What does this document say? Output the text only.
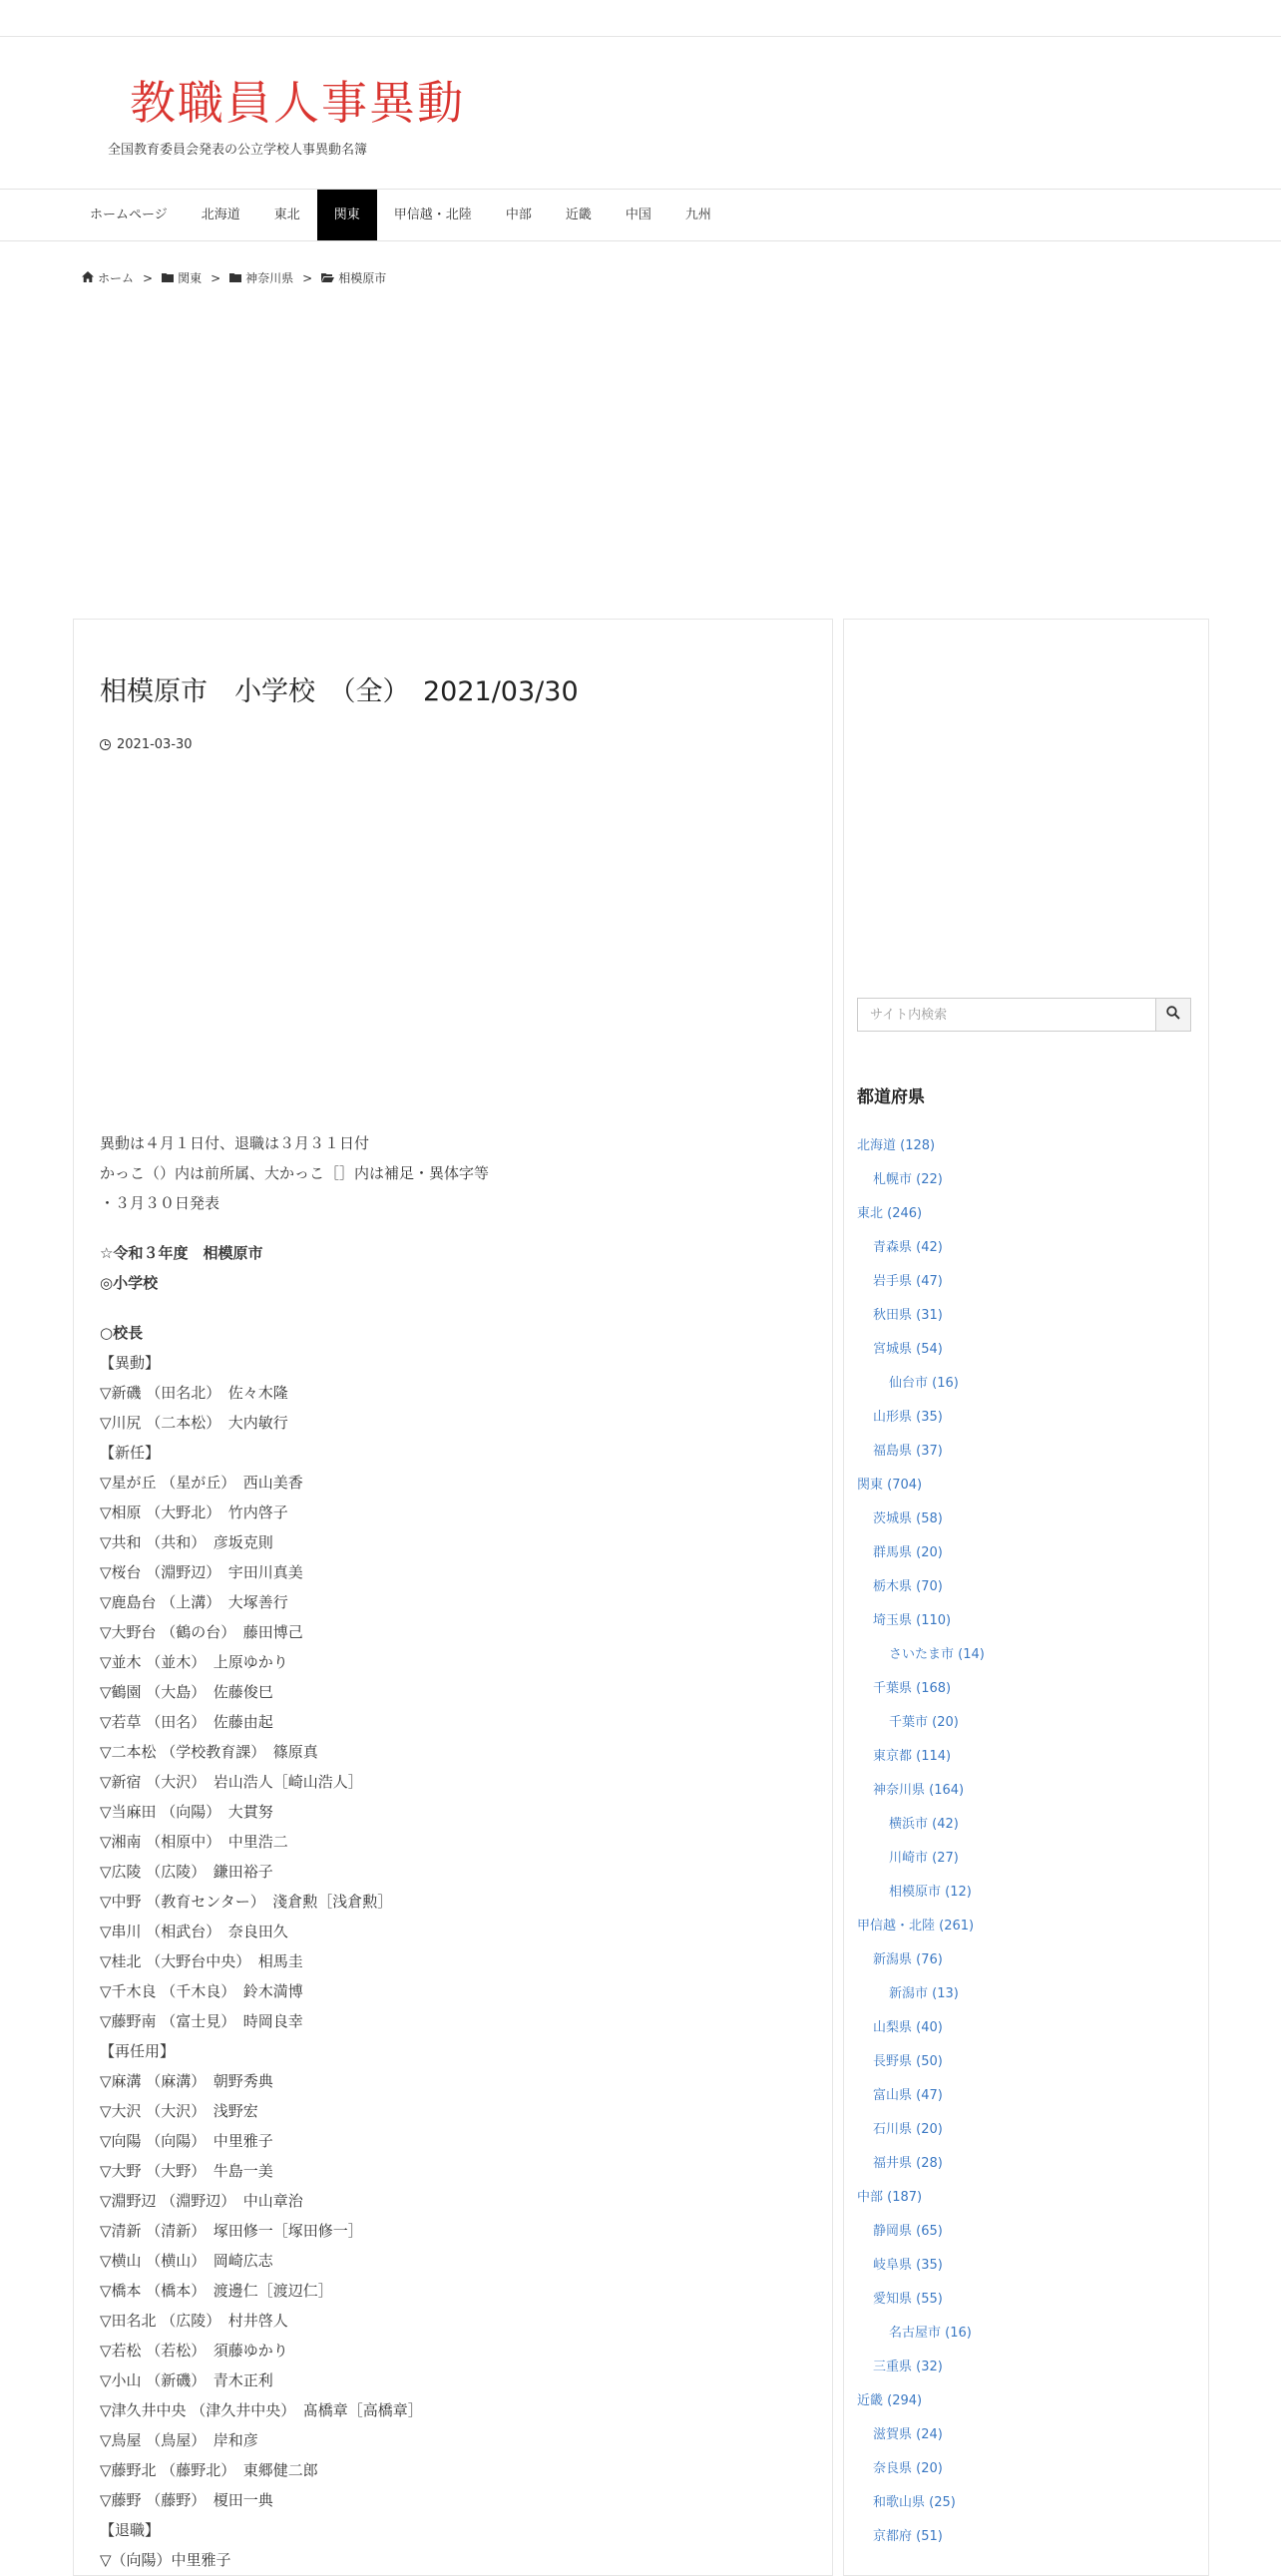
教職員人事異動
全国教育委員会発表の公立学校人事異動名簿
ホームページ	北海道	東北	関東	甲信越・北陸	中部	近畿	中国	九州
ホーム > 関東 > 神奈川県 > 相模原市
相模原市　小学校　（全）　2021/03/30
2021-03-30
異動は４月１日付、退職は３月３１日付
かっこ（）内は前所属、大かっこ［］内は補足・異体字等
・３月３０日発表
☆令和３年度　相模原市
◎小学校
○校長
【異動】
▽新磯 （田名北）　佐々木隆
▽川尻 （二本松）　大内敏行
【新任】
▽星が丘 （星が丘）　西山美香
▽相原 （大野北）　竹内啓子
▽共和 （共和）　彦坂克則
▽桜台 （淵野辺）　宇田川真美
▽鹿島台 （上溝）　大塚善行
▽大野台 （鶴の台）　藤田博己
▽並木 （並木）　上原ゆかり
▽鶴園 （大島）　佐藤俊巳
▽若草 （田名）　佐藤由起
▽二本松 （学校教育課）　篠原真
▽新宿 （大沢）　岩山浩人［崎山浩人］
▽当麻田 （向陽）　大貫努
▽湘南 （相原中）　中里浩二
▽広陵 （広陵）　鎌田裕子
▽中野 （教育センター）　淺倉勲［浅倉勲］
▽串川 （相武台）　奈良田久
▽桂北 （大野台中央）　相馬圭
▽千木良 （千木良）　鈴木満博
▽藤野南 （富士見）　時岡良幸
【再任用】
▽麻溝 （麻溝）　朝野秀典
▽大沢 （大沢）　浅野宏
▽向陽 （向陽）　中里雅子
▽大野 （大野）　牛島一美
▽淵野辺 （淵野辺）　中山章治
▽清新 （清新）　塚田修一［塚田修一］
▽横山 （横山）　岡崎広志
▽橋本 （橋本）　渡邊仁［渡辺仁］
▽田名北 （広陵）　村井啓人
▽若松 （若松）　須藤ゆかり
▽小山 （新磯）　青木正利
▽津久井中央 （津久井中央）　髙橋章［高橋章］
▽鳥屋 （鳥屋）　岸和彦
▽藤野北 （藤野北）　東郷健二郎
▽藤野 （藤野）　榎田一典
【退職】
▽（向陽）中里雅子
サイト内検索
都道府県
北海道 (128)
札幌市 (22)
東北 (246)
青森県 (42)
岩手県 (47)
秋田県 (31)
宮城県 (54)
仙台市 (16)
山形県 (35)
福島県 (37)
関東 (704)
茨城県 (58)
群馬県 (20)
栃木県 (70)
埼玉県 (110)
さいたま市 (14)
千葉県 (168)
千葉市 (20)
東京都 (114)
神奈川県 (164)
横浜市 (42)
川崎市 (27)
相模原市 (12)
甲信越・北陸 (261)
新潟県 (76)
新潟市 (13)
山梨県 (40)
長野県 (50)
富山県 (47)
石川県 (20)
福井県 (28)
中部 (187)
静岡県 (65)
岐阜県 (35)
愛知県 (55)
名古屋市 (16)
三重県 (32)
近畿 (294)
滋賀県 (24)
奈良県 (20)
和歌山県 (25)
京都府 (51)
